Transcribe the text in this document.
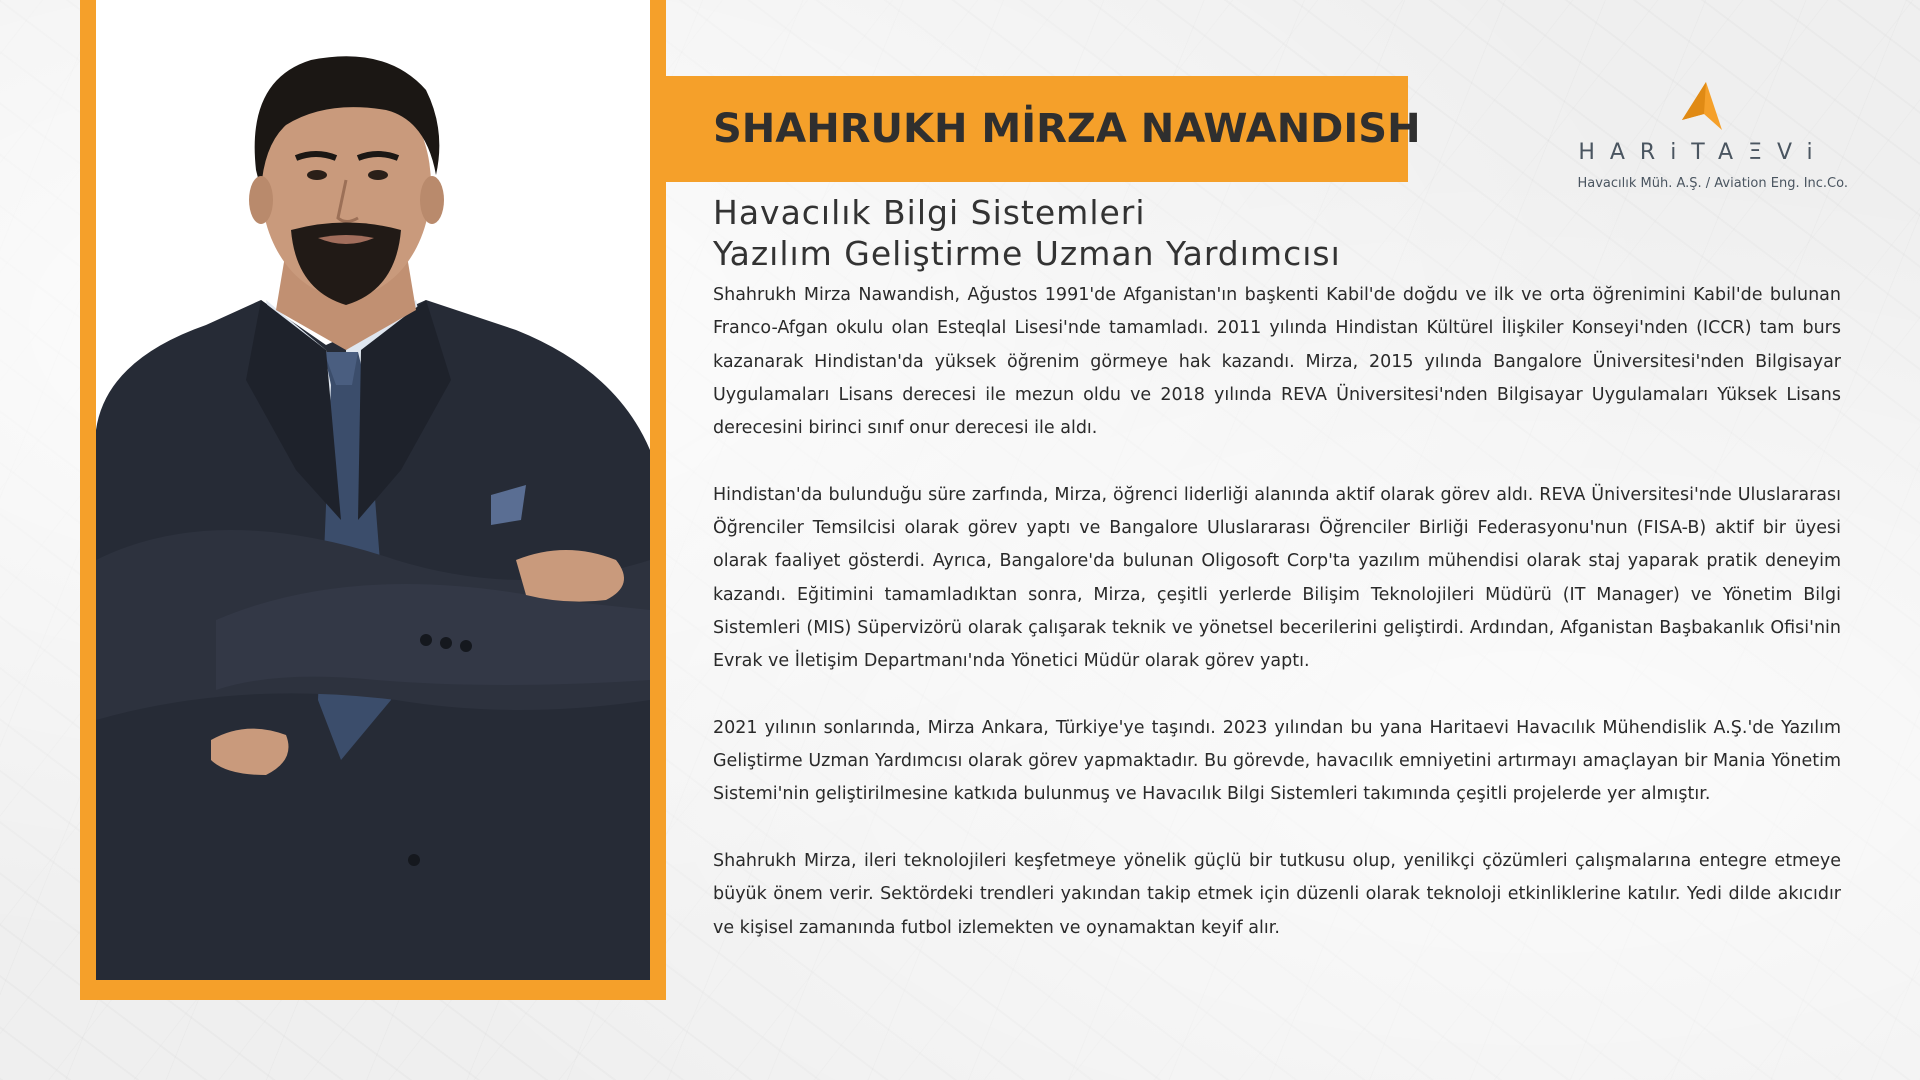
SHAHRUKH MİRZA NAWANDISH
HARiTAΞVi
Havacılık Müh. A.Ş. / Aviation Eng. Inc.Co.
Havacılık Bilgi Sistemleri
Yazılım Geliştirme Uzman Yardımcısı

Shahrukh Mirza Nawandish, Ağustos 1991'de Afganistan'ın başkenti Kabil'de doğdu ve ilk ve orta öğrenimini Kabil'de bulunan Franco-Afgan okulu olan Esteqlal Lisesi'nde tamamladı. 2011 yılında Hindistan Kültürel İlişkiler Konseyi'nden (ICCR) tam burs kazanarak Hindistan'da yüksek öğrenim görmeye hak kazandı. Mirza, 2015 yılında Bangalore Üniversitesi'nden Bilgisayar Uygulamaları Lisans derecesi ile mezun oldu ve 2018 yılında REVA Üniversitesi'nden Bilgisayar Uygulamaları Yüksek Lisans derecesini birinci sınıf onur derecesi ile aldı.

Hindistan'da bulunduğu süre zarfında, Mirza, öğrenci liderliği alanında aktif olarak görev aldı. REVA Üniversitesi'nde Uluslararası Öğrenciler Temsilcisi olarak görev yaptı ve Bangalore Uluslararası Öğrenciler Birliği Federasyonu'nun (FISA-B) aktif bir üyesi olarak faaliyet gösterdi. Ayrıca, Bangalore'da bulunan Oligosoft Corp'ta yazılım mühendisi olarak staj yaparak pratik deneyim kazandı. Eğitimini tamamladıktan sonra, Mirza, çeşitli yerlerde Bilişim Teknolojileri Müdürü (IT Manager) ve Yönetim Bilgi Sistemleri (MIS) Süpervizörü olarak çalışarak teknik ve yönetsel becerilerini geliştirdi. Ardından, Afganistan Başbakanlık Ofisi'nin Evrak ve İletişim Departmanı'nda Yönetici Müdür olarak görev yaptı.

2021 yılının sonlarında, Mirza Ankara, Türkiye'ye taşındı. 2023 yılından bu yana Haritaevi Havacılık Mühendislik A.Ş.'de Yazılım Geliştirme Uzman Yardımcısı olarak görev yapmaktadır. Bu görevde, havacılık emniyetini artırmayı amaçlayan bir Mania Yönetim Sistemi'nin geliştirilmesine katkıda bulunmuş ve Havacılık Bilgi Sistemleri takımında çeşitli projelerde yer almıştır.

Shahrukh Mirza, ileri teknolojileri keşfetmeye yönelik güçlü bir tutkusu olup, yenilikçi çözümleri çalışmalarına entegre etmeye büyük önem verir. Sektördeki trendleri yakından takip etmek için düzenli olarak teknoloji etkinliklerine katılır. Yedi dilde akıcıdır ve kişisel zamanında futbol izlemekten ve oynamaktan keyif alır.
